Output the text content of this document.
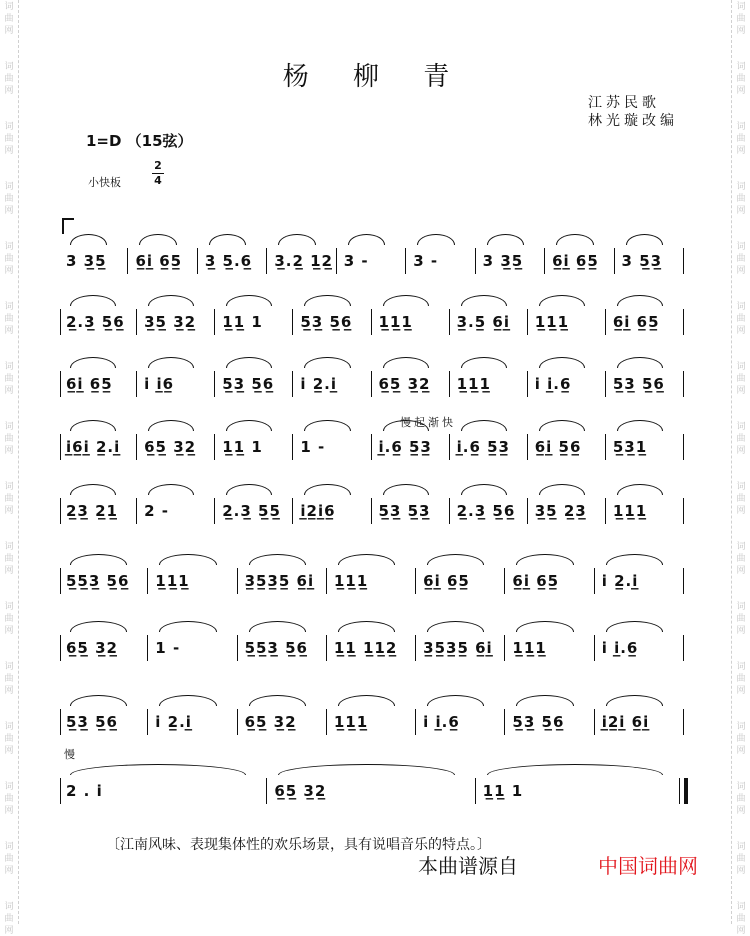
词
曲
网
词
曲
网
词
曲
网
词
曲
网
词
曲
网
词
曲
网
词
曲
网
词
曲
网
词
曲
网
词
曲
网
词
曲
网
词
曲
网
词
曲
网
词
曲
网
词
曲
网
词
曲
网
词
曲
网
词
曲
网
词
曲
网
词
曲
网
词
曲
网
词
曲
网
词
曲
网
词
曲
网
词
曲
网
词
曲
网
词
曲
网
词
曲
网
词
曲
网
词
曲
网
词
曲
网
词
曲
网
杨 柳 青
江苏民歌
林光璇改编
1=D （15弦）
小快板
2
4
3 3̲5̲ 6̲i̲ 6̲5̲ 3̲ 5̲.6̲ 3̲.2̲ 1̲2̲ 3 -	3 -	3 3̲5̲ 6̲i̲ 6̲5̲ 3 5̲3̲
2̲.3̲ 5̲6̲ 3̲5̲ 3̲2̲ 1̲1̲ 1	5̲3̲ 5̲6̲ 1̲1̲1̲	3̲.5̲ 6̲i̲ 1̲1̲1̲	6̲i̲ 6̲5̲
6̲i̲ 6̲5̲ i i̲6̲	5̲3̲ 5̲6̲ i 2̲.i̲	6̲5̲ 3̲2̲ 1̲1̲1̲	i i̲.6̲	5̲3̲ 5̲6̲
i̲6̲i̲ 2̲.i̲ 6̲5̲ 3̲2̲ 1̲1̲ 1	1 -	i̲.6̲ 5̲3̲ i̲.6̲ 5̲3̲ 6̲i̲ 5̲6̲ 5̲3̲1̲
2̲3̲ 2̲1̲ 2 -	2̲.3̲ 5̲5̲ i̲2̲i̲6̲	5̲3̲ 5̲3̲ 2̲.3̲ 5̲6̲ 3̲5̲ 2̲3̲ 1̲1̲1̲
5̲5̲3̲ 5̲6̲ 1̲1̲1̲	3̲5̲3̲5̲ 6̲i̲ 1̲1̲1̲	6̲i̲ 6̲5̲	6̲i̲ 6̲5̲	i 2̲.i̲
6̲5̲ 3̲2̲ 1 -	5̲5̲3̲ 5̲6̲ 1̲1̲ 1̲1̲2̲ 3̲5̲3̲5̲ 6̲i̲ 1̲1̲1̲	i i̲.6̲
5̲3̲ 5̲6̲ i 2̲.i̲	6̲5̲ 3̲2̲ 1̲1̲1̲	i i̲.6̲	5̲3̲ 5̲6̲ i̲2̲i̲ 6̲i̲
2 . i	6̲5̲ 3̲2̲	1̲1̲ 1
慢起渐快
慢
〔江南风味、表现集体性的欢乐场景，具有说唱音乐的特点。〕
本曲谱源自	中国词曲网
